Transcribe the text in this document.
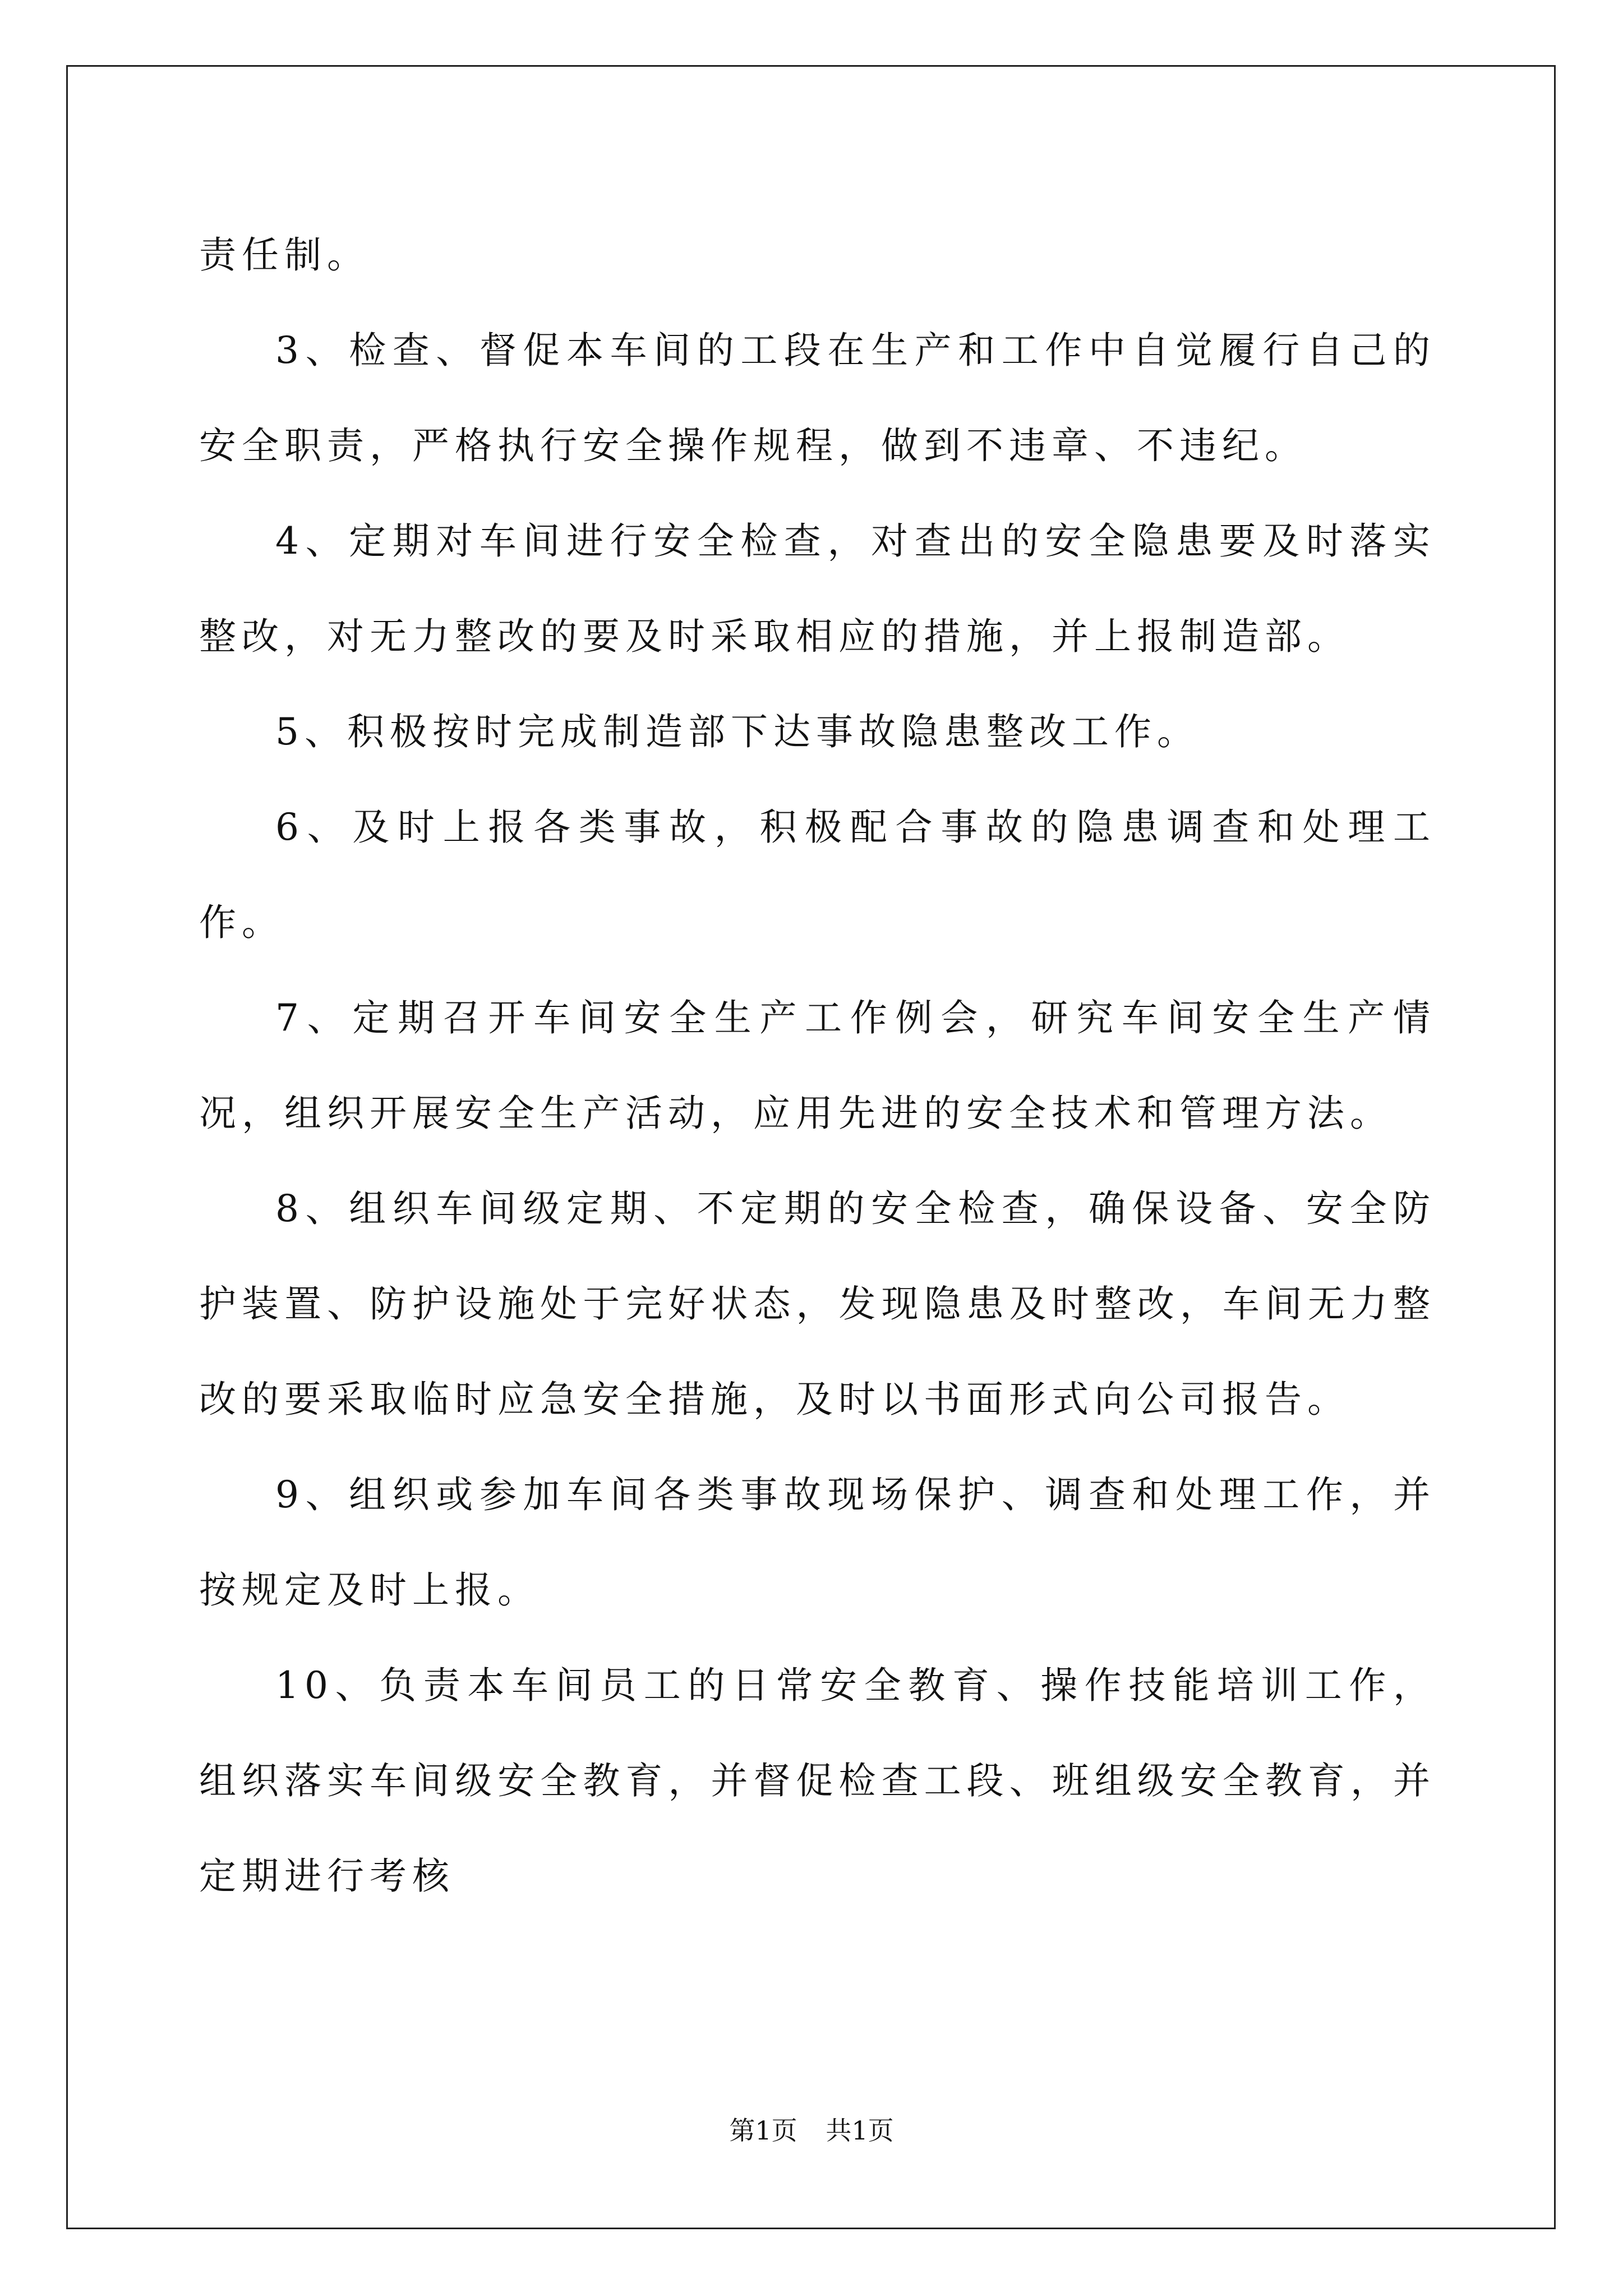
责任制。

3、检查、督促本车间的工段在生产和工作中自觉履行自己的安全职责，严格执行安全操作规程，做到不违章、不违纪。

4、定期对车间进行安全检查，对查出的安全隐患要及时落实整改，对无力整改的要及时采取相应的措施，并上报制造部。

5、积极按时完成制造部下达事故隐患整改工作。

6、及时上报各类事故，积极配合事故的隐患调查和处理工作。

7、定期召开车间安全生产工作例会，研究车间安全生产情况，组织开展安全生产活动，应用先进的安全技术和管理方法。

8、组织车间级定期、不定期的安全检查，确保设备、安全防护装置、防护设施处于完好状态，发现隐患及时整改，车间无力整改的要采取临时应急安全措施，及时以书面形式向公司报告。

9、组织或参加车间各类事故现场保护、调查和处理工作，并按规定及时上报。

10、负责本车间员工的日常安全教育、操作技能培训工作，组织落实车间级安全教育，并督促检查工段、班组级安全教育，并定期进行考核

第1页 共1页
